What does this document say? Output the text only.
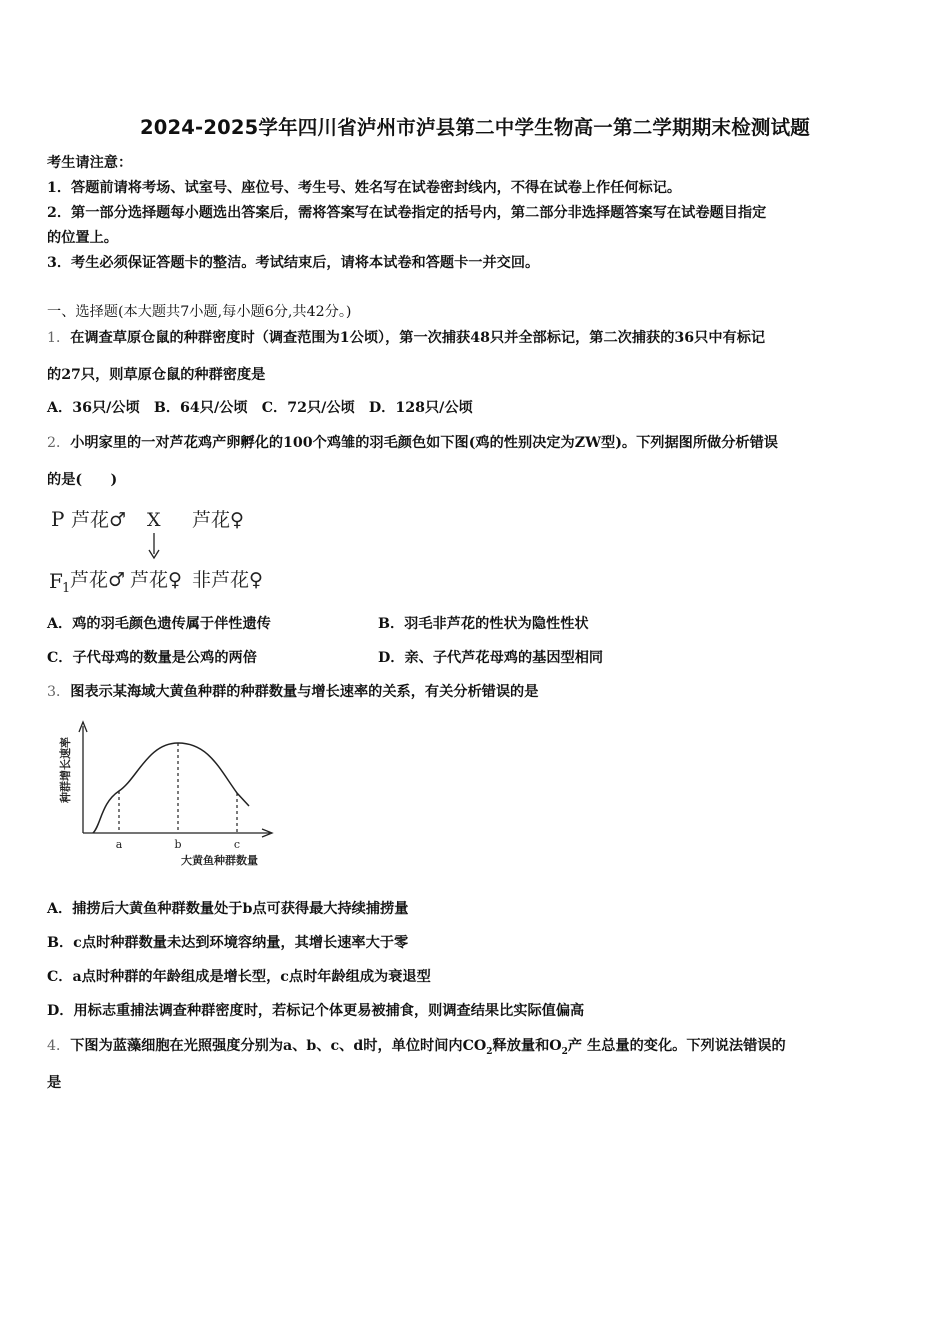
2024-2025学年四川省泸州市泸县第二中学生物高一第二学期期末检测试题
考生请注意：
1．答题前请将考场、试室号、座位号、考生号、姓名写在试卷密封线内，不得在试卷上作任何标记。
2．第一部分选择题每小题选出答案后，需将答案写在试卷指定的括号内，第二部分非选择题答案写在试卷题目指定
的位置上。
3．考生必须保证答题卡的整洁。考试结束后，请将本试卷和答题卡一并交回。
一、选择题(本大题共7小题,每小题6分,共42分。)
1．在调查草原仓鼠的种群密度时（调查范围为1公顷），第一次捕获48只并全部标记，第二次捕获的36只中有标记
的27只，则草原仓鼠的种群密度是
A．36只/公顷　B．64只/公顷　C．72只/公顷　D．128只/公顷
2．小明家里的一对芦花鸡产卵孵化的100个鸡雏的羽毛颜色如下图(鸡的性别决定为ZW型)。下列据图所做分析错误
的是(　　)
P 芦花♂ X 芦花♀
F 1 芦花♂ 芦花♀ 非芦花♀
A．鸡的羽毛颜色遗传属于伴性遗传	B．羽毛非芦花的性状为隐性性状
C．子代母鸡的数量是公鸡的两倍	D．亲、子代芦花母鸡的基因型相同
3．图表示某海域大黄鱼种群的种群数量与增长速率的关系，有关分析错误的是
种群增长速率
a	b	c
大黄鱼种群数量
A．捕捞后大黄鱼种群数量处于b点可获得最大持续捕捞量
B．c点时种群数量未达到环境容纳量，其增长速率大于零
C．a点时种群的年龄组成是增长型，c点时年龄组成为衰退型
D．用标志重捕法调查种群密度时，若标记个体更易被捕食，则调查结果比实际值偏高
4．下图为蓝藻细胞在光照强度分别为a、b、c、d时，单位时间内$CO_2$释放量和$O_2$产 生总量的变化。下列说法错误的
是
